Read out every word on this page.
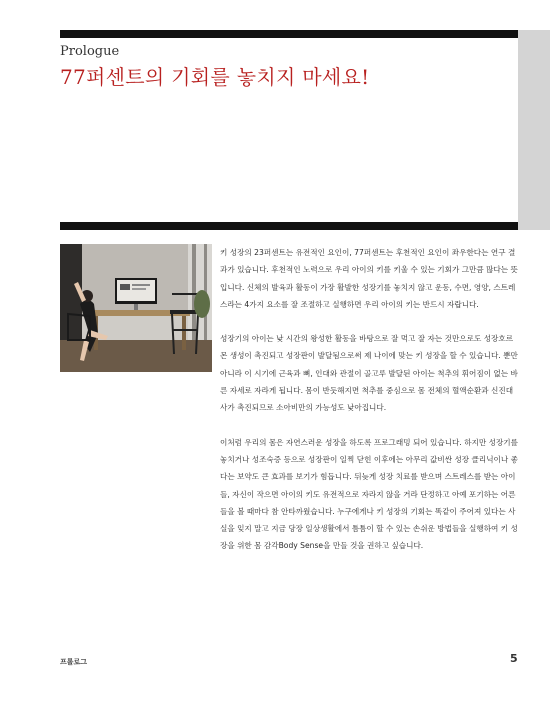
Prologue
77퍼센트의 기회를 놓치지 마세요!

키 성장의 23퍼센트는 유전적인 요인이, 77퍼센트는 후천적인 요인이 좌우한다는 연구 결과가 있습니다. 후천적인 노력으로 우리 아이의 키를 키울 수 있는 기회가 그만큼 많다는 뜻입니다. 신체의 발육과 활동이 가장 활발한 성장기를 놓치지 않고 운동, 수면, 영양, 스트레스라는 4가지 요소를 잘 조절하고 실행하면 우리 아이의 키는 반드시 자랍니다.

성장기의 아이는 낮 시간의 왕성한 활동을 바탕으로 잘 먹고 잘 자는 것만으로도 성장호르몬 생성이 촉진되고 성장판이 발달됨으로써 제 나이에 맞는 키 성장을 할 수 있습니다. 뿐만 아니라 이 시기에 근육과 뼈, 인대와 관절이 골고루 발달된 아이는 척추의 휘어짐이 없는 바른 자세로 자라게 됩니다. 몸이 반듯해지면 척추를 중심으로 몸 전체의 혈액순환과 신진대사가 촉진되므로 소아비만의 가능성도 낮아집니다.

이처럼 우리의 몸은 자연스러운 성장을 하도록 프로그래밍 되어 있습니다. 하지만 성장기를 놓치거나 성조숙증 등으로 성장판이 일찍 닫힌 이후에는 아무리 값비싼 성장 클리닉이나 좋다는 보약도 큰 효과를 보기가 힘듭니다. 뒤늦게 성장 치료를 받으며 스트레스를 받는 아이들, 자신이 작으면 아이의 키도 유전적으로 자라지 않을 거라 단정하고 아예 포기하는 어른들을 볼 때마다 참 안타까웠습니다. 누구에게나 키 성장의 기회는 똑같이 주어져 있다는 사실을 잊지 말고 지금 당장 일상생활에서 틈틈이 할 수 있는 손쉬운 방법들을 실행하여 키 성장을 위한 몸 감각Body Sense을 만들 것을 권하고 싶습니다.

프롤로그	5
